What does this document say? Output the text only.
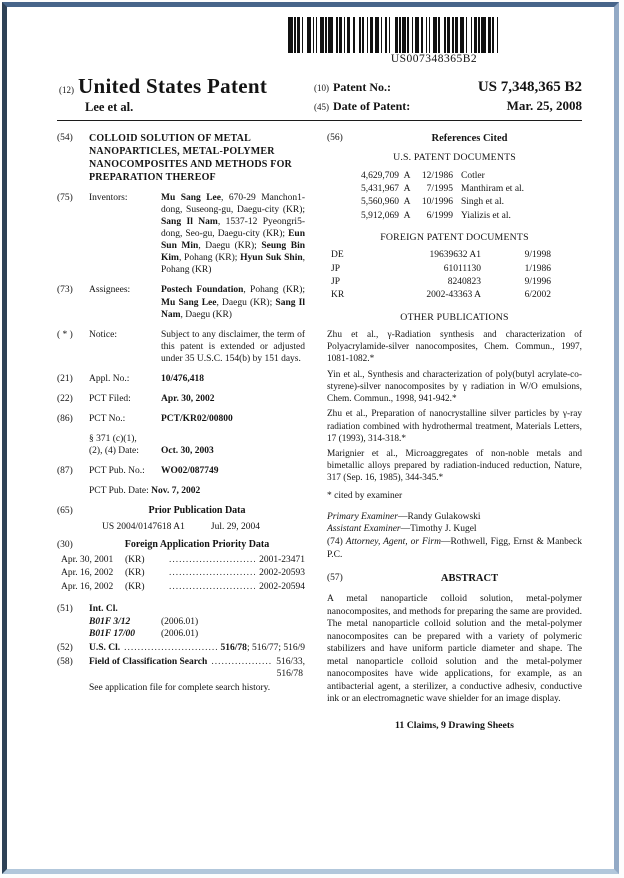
US007348365B2
(12) United States Patent
Lee et al.
(10) Patent No.:	US 7,348,365 B2
(45) Date of Patent:	Mar. 25, 2008
(54)	COLLOID SOLUTION OF METAL NANOPARTICLES, METAL-POLYMER NANOCOMPOSITES AND METHODS FOR PREPARATION THEREOF
(75)	Inventors:	Mu Sang Lee, 670-29 Manchon1-dong, Suseong-gu, Daegu-city (KR); Sang Il Nam, 1537-12 Pyeongri5-dong, Seo-gu, Daegu-city (KR); Eun Sun Min, Daegu (KR); Seung Bin Kim, Pohang (KR); Hyun Suk Shin, Pohang (KR)
(73)	Assignees:	Postech Foundation, Pohang (KR); Mu Sang Lee, Daegu (KR); Sang Il Nam, Daegu (KR)
( * )	Notice:	Subject to any disclaimer, the term of this patent is extended or adjusted under 35 U.S.C. 154(b) by 151 days.
(21)	Appl. No.:	10/476,418
(22)	PCT Filed:	Apr. 30, 2002
(86)	PCT No.:	PCT/KR02/00800
§ 371 (c)(1),
(2), (4) Date:	Oct. 30, 2003
(87)	PCT Pub. No.:	WO02/087749
PCT Pub. Date: Nov. 7, 2002
(65)	Prior Publication Data
US 2004/0147618 A1	Jul. 29, 2004
(30)	Foreign Application Priority Data
Apr. 30, 2001	(KR) .....	2001-23471
Apr. 16, 2002	(KR) .....	2002-20593
Apr. 16, 2002	(KR) .....	2002-20594
(51)	Int. Cl.
B01F 3/12	(2006.01)
B01F 17/00	(2006.01)
(52)	U.S. Cl. .....	516/78; 516/77; 516/9
(58)	Field of Classification Search .....	516/33,
516/78
See application file for complete search history.
(56)	References Cited
U.S. PATENT DOCUMENTS
4,629,709 A	12/1986 Cotler
5,431,967 A	7/1995 Manthiram et al.
5,560,960 A	10/1996 Singh et al.
5,912,069 A	6/1999 Yializis et al.
FOREIGN PATENT DOCUMENTS
DE	19639632 A1	9/1998
JP	61011130	1/1986
JP	8240823	9/1996
KR	2002-43363 A	6/2002
OTHER PUBLICATIONS

Zhu et al., γ-Radiation synthesis and characterization of Polyacrylamide-silver nanocomposites, Chem. Commun., 1997, 1081-1082.*

Yin et al., Synthesis and characterization of poly(butyl acrylate-co-styrene)-silver nanocomposites by γ radiation in W/O emulsions, Chem. Commun., 1998, 941-942.*

Zhu et al., Preparation of nanocrystalline silver particles by γ-ray radiation combined with hydrothermal treatment, Materials Letters, 17 (1993), 314-318.*

Marignier et al., Microaggregates of non-noble metals and bimetallic alloys prepared by radiation-induced reduction, Nature, 317 (Sep. 16, 1985), 344-345.*

* cited by examiner
Primary Examiner—Randy Gulakowski
Assistant Examiner—Timothy J. Kugel
(74) Attorney, Agent, or Firm—Rothwell, Figg, Ernst & Manbeck P.C.
(57)	ABSTRACT
A metal nanoparticle colloid solution, metal-polymer nanocomposites, and methods for preparing the same are provided. The metal nanoparticle colloid solution and the metal-polymer nanocomposites can be prepared with a variety of polymeric stabilizers and have uniform particle diameter and shape. The metal nanoparticle colloid solution and the metal-polymer nanocomposites have wide applications, for example, as an antibacterial agent, a sterilizer, a conductive adhesiv, conductive ink or an electromagnetic wave shielder for an image display.
11 Claims, 9 Drawing Sheets
